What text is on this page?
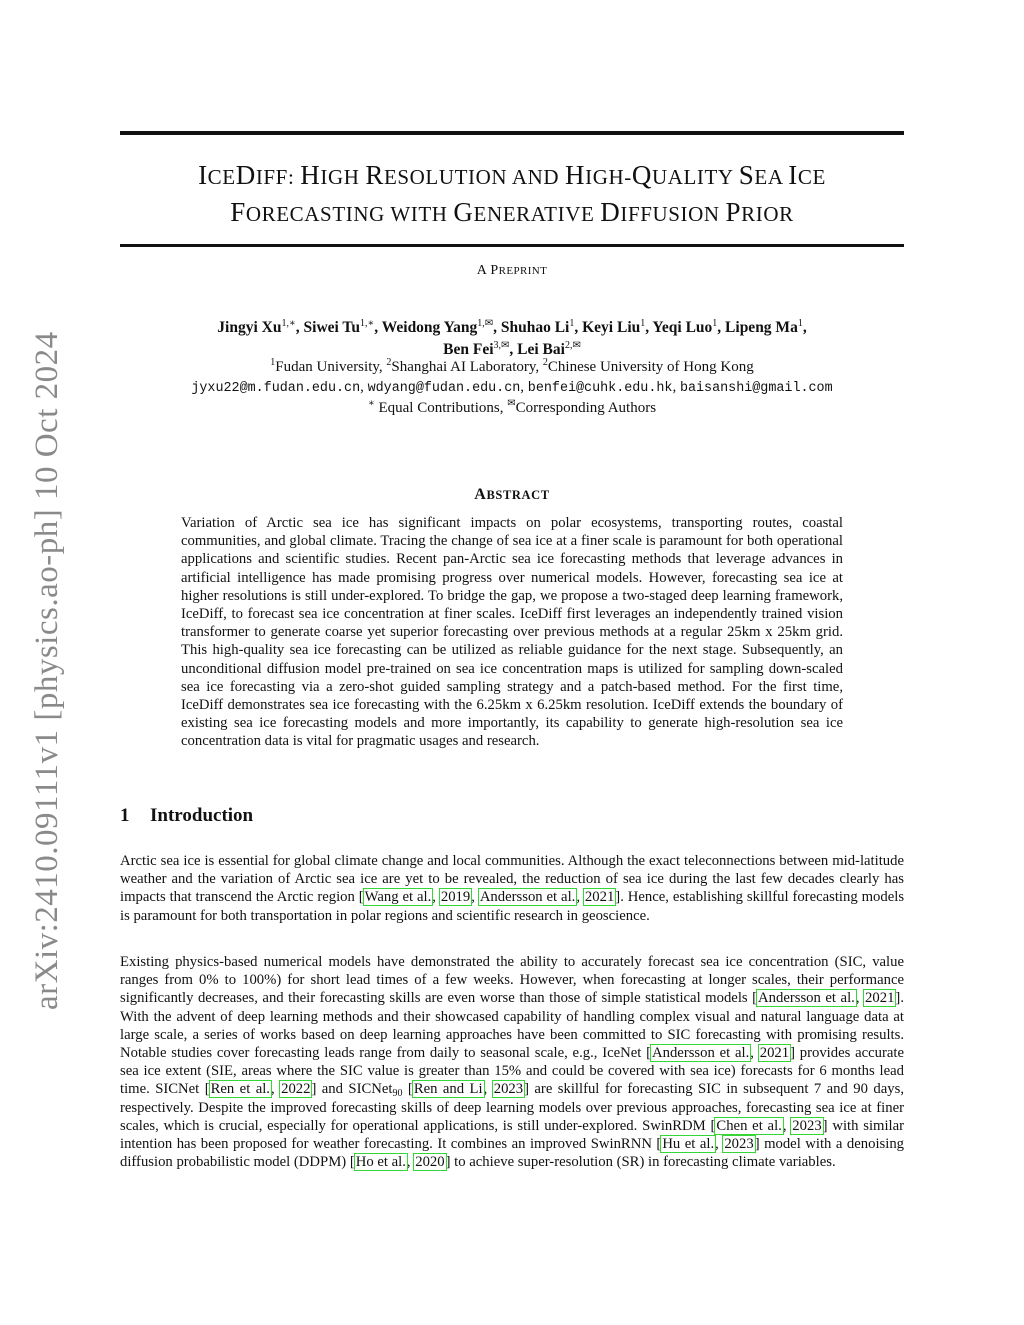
arXiv:2410.09111v1 [physics.ao-ph] 10 Oct 2024
ICEDIFF: HIGH RESOLUTION AND HIGH-QUALITY SEA ICE
FORECASTING WITH GENERATIVE DIFFUSION PRIOR
A PREPRINT
Jingyi $Xu^{1,∗}$, Siwei $Tu^{1,∗}$, Weidong Yang$^{1,✉}$, Shuhao Li$^1$, Keyi Liu$^1$, Yeqi Luo$^1$, Lipeng Ma$^1$,
Ben Fei$^{3,✉}$, Lei Bai$^{2,✉}$
$^1$Fudan University, $^2$Shanghai AI Laboratory, $^2$Chinese University of Hong Kong
jyxu22@m.fudan.edu.cn, wdyang@fudan.edu.cn, benfei@cuhk.edu.hk, baisanshi@gmail.com
∗ Equal Contributions, ✉Corresponding Authors
ABSTRACT
Variation of Arctic sea ice has significant impacts on polar ecosystems, transporting routes, coastal communities, and global climate. Tracing the change of sea ice at a finer scale is paramount for both operational applications and scientific studies. Recent pan-Arctic sea ice forecasting methods that leverage advances in artificial intelligence has made promising progress over numerical models. However, forecasting sea ice at higher resolutions is still under-explored. To bridge the gap, we propose a two-staged deep learning framework, IceDiff, to forecast sea ice concentration at finer scales. IceDiff first leverages an independently trained vision transformer to generate coarse yet superior forecasting over previous methods at a regular 25km x 25km grid. This high-quality sea ice forecasting can be utilized as reliable guidance for the next stage. Subsequently, an unconditional diffusion model pre-trained on sea ice concentration maps is utilized for sampling down-scaled sea ice forecasting via a zero-shot guided sampling strategy and a patch-based method. For the first time, IceDiff demonstrates sea ice forecasting with the 6.25km x 6.25km resolution. IceDiff extends the boundary of existing sea ice forecasting models and more importantly, its capability to generate high-resolution sea ice concentration data is vital for pragmatic usages and research.
1 Introduction

Arctic sea ice is essential for global climate change and local communities. Although the exact teleconnections between mid-latitude weather and the variation of Arctic sea ice are yet to be revealed, the reduction of sea ice during the last few decades clearly has impacts that transcend the Arctic region [Wang et al., 2019, Andersson et al., 2021]. Hence, establishing skillful forecasting models is paramount for both transportation in polar regions and scientific research in geoscience.

Existing physics-based numerical models have demonstrated the ability to accurately forecast sea ice concentration (SIC, value ranges from 0% to 100%) for short lead times of a few weeks. However, when forecasting at longer scales, their performance significantly decreases, and their forecasting skills are even worse than those of simple statistical models [Andersson et al., 2021]. With the advent of deep learning methods and their showcased capability of handling complex visual and natural language data at large scale, a series of works based on deep learning approaches have been committed to SIC forecasting with promising results. Notable studies cover forecasting leads range from daily to seasonal scale, e.g., IceNet [Andersson et al., 2021] provides accurate sea ice extent (SIE, areas where the SIC value is greater than 15% and could be covered with sea ice) forecasts for 6 months lead time. SICNet [Ren et al., 2022] and SICNet$_{90}$ [Ren and Li, 2023] are skillful for forecasting SIC in subsequent 7 and 90 days, respectively. Despite the improved forecasting skills of deep learning models over previous approaches, forecasting sea ice at finer scales, which is crucial, especially for operational applications, is still under-explored. SwinRDM [Chen et al., 2023] with similar intention has been proposed for weather forecasting. It combines an improved SwinRNN [Hu et al., 2023] model with a denoising diffusion probabilistic model (DDPM) [Ho et al., 2020] to achieve super-resolution (SR) in forecasting climate variables.
